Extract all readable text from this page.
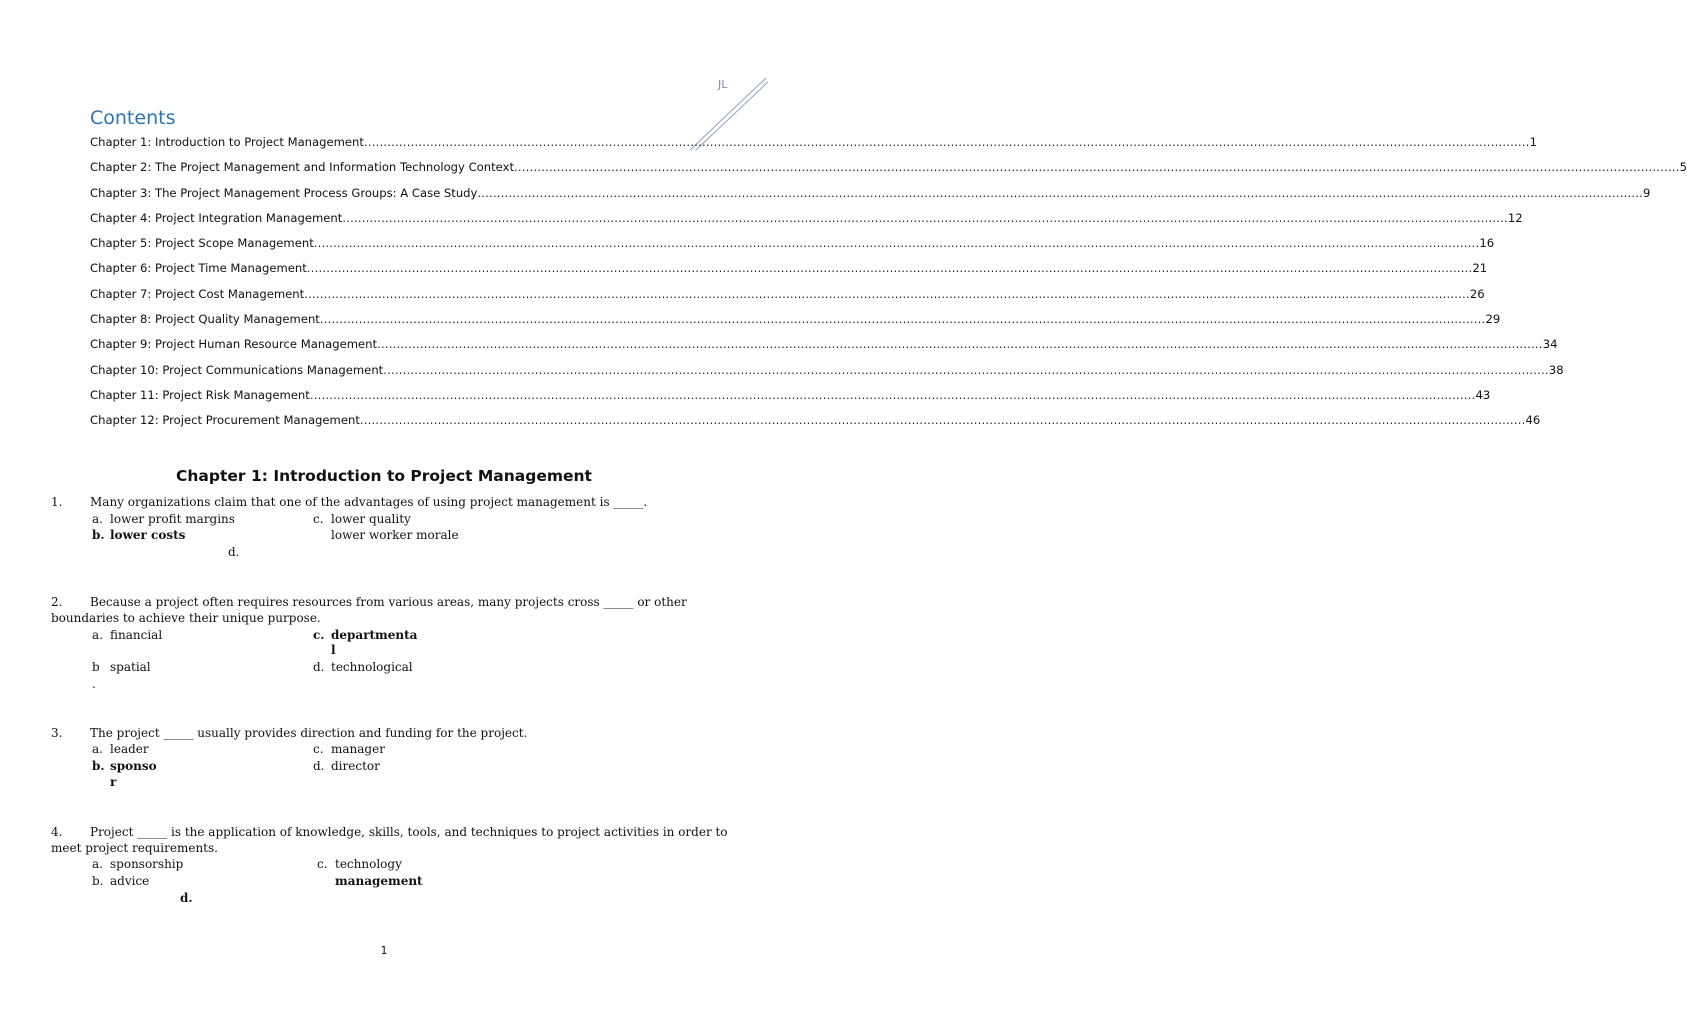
JL
Contents
Chapter 1: Introduction to Project Management ............................................................................................................................................................................................................................................................................................................ 1
Chapter 2: The Project Management and Information Technology Context ............................................................................................................................................................................................................................................................................................................ 5
Chapter 3: The Project Management Process Groups: A Case Study ............................................................................................................................................................................................................................................................................................................ 9
Chapter 4: Project Integration Management ............................................................................................................................................................................................................................................................................................................ 12
Chapter 5: Project Scope Management ............................................................................................................................................................................................................................................................................................................ 16
Chapter 6: Project Time Management ............................................................................................................................................................................................................................................................................................................ 21
Chapter 7: Project Cost Management ............................................................................................................................................................................................................................................................................................................ 26
Chapter 8: Project Quality Management ............................................................................................................................................................................................................................................................................................................ 29
Chapter 9: Project Human Resource Management ............................................................................................................................................................................................................................................................................................................ 34
Chapter 10: Project Communications Management ............................................................................................................................................................................................................................................................................................................ 38
Chapter 11: Project Risk Management ............................................................................................................................................................................................................................................................................................................ 43
Chapter 12: Project Procurement Management ............................................................................................................................................................................................................................................................................................................ 46
Chapter 1: Introduction to Project Management
1. Many organizations claim that one of the advantages of using project management is _____.
a. lower profit margins
b. lower costs
c. lower quality
lower worker morale
d.
2. Because a project often requires resources from various areas, many projects cross _____ or other
boundaries to achieve their unique purpose.
a. financial
b spatial
.
c. departmenta
l
d. technological
3. The project _____ usually provides direction and funding for the project.
a. leader
b. sponso
r
c. manager
d. director
4. Project _____ is the application of knowledge, skills, tools, and techniques to project activities in order to
meet project requirements.
a. sponsorship
b. advice
c. technology
management
d.
1
